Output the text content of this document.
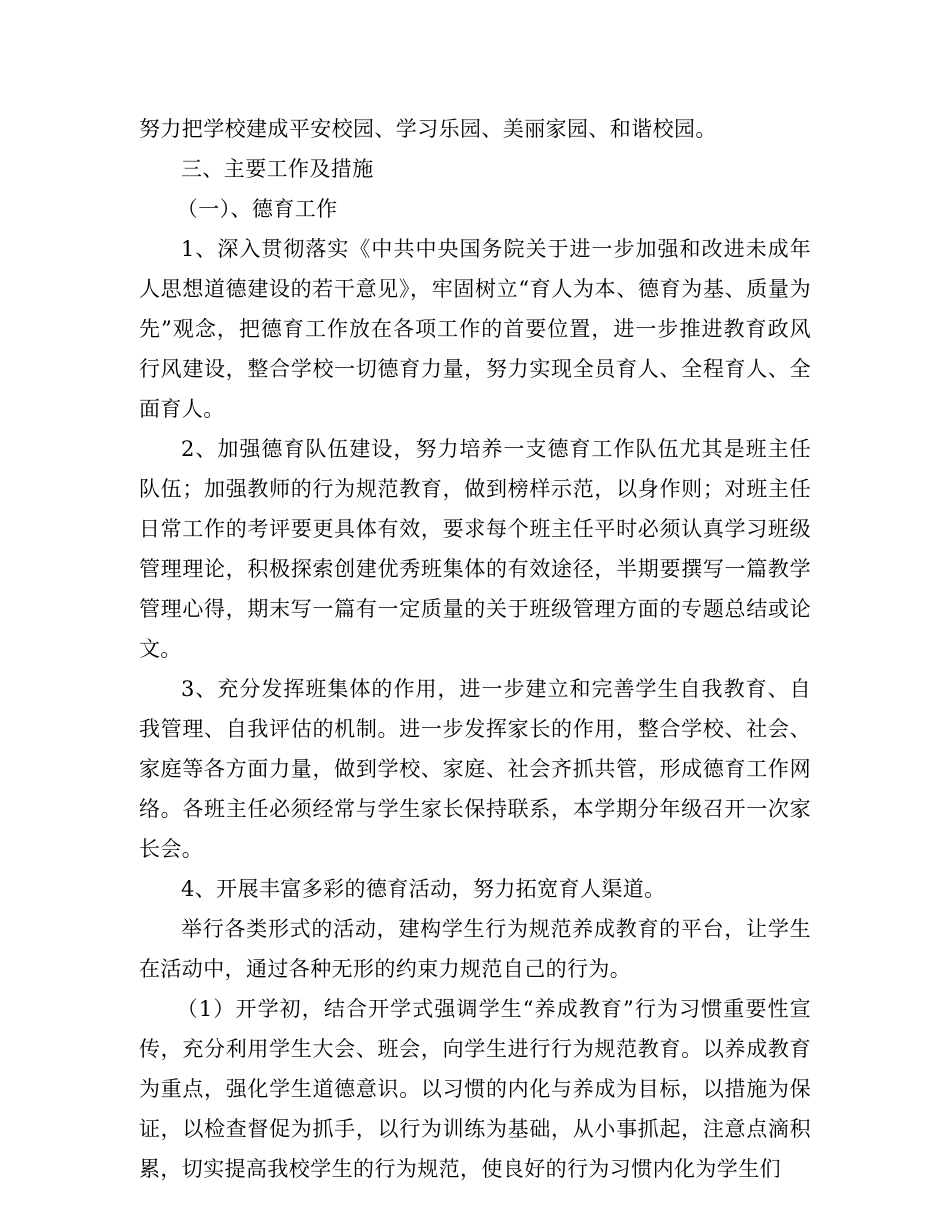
努力把学校建成平安校园、学习乐园、美丽家园、和谐校园。

三、主要工作及措施

（一）、德育工作

1、深入贯彻落实《中共中央国务院关于进一步加强和改进未成年人思想道德建设的若干意见》，牢固树立“育人为本、德育为基、质量为先”观念，把德育工作放在各项工作的首要位置，进一步推进教育政风行风建设，整合学校一切德育力量，努力实现全员育人、全程育人、全面育人。

2、加强德育队伍建设，努力培养一支德育工作队伍尤其是班主任队伍；加强教师的行为规范教育，做到榜样示范，以身作则；对班主任日常工作的考评要更具体有效，要求每个班主任平时必须认真学习班级管理理论，积极探索创建优秀班集体的有效途径，半期要撰写一篇教学管理心得，期末写一篇有一定质量的关于班级管理方面的专题总结或论文。

3、充分发挥班集体的作用，进一步建立和完善学生自我教育、自我管理、自我评估的机制。进一步发挥家长的作用，整合学校、社会、家庭等各方面力量，做到学校、家庭、社会齐抓共管，形成德育工作网络。各班主任必须经常与学生家长保持联系，本学期分年级召开一次家长会。

4、开展丰富多彩的德育活动，努力拓宽育人渠道。

举行各类形式的活动，建构学生行为规范养成教育的平台，让学生在活动中，通过各种无形的约束力规范自己的行为。

（1）开学初，结合开学式强调学生“养成教育”行为习惯重要性宣传，充分利用学生大会、班会，向学生进行行为规范教育。以养成教育为重点，强化学生道德意识。以习惯的内化与养成为目标，以措施为保证，以检查督促为抓手，以行为训练为基础，从小事抓起，注意点滴积累，切实提高我校学生的行为规范，使良好的行为习惯内化为学生们
